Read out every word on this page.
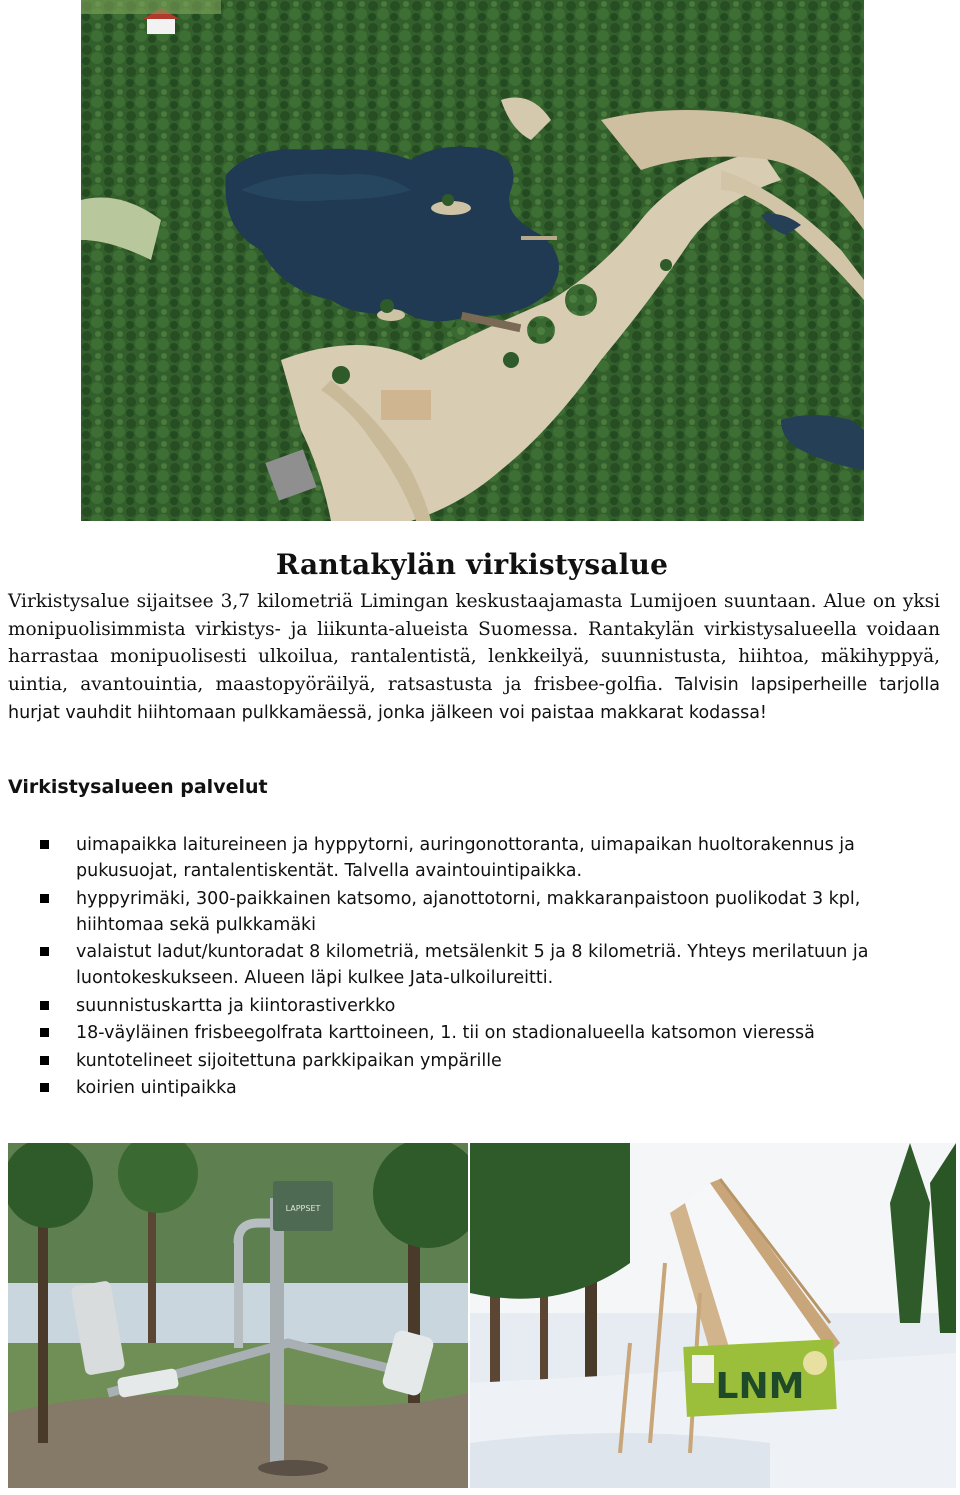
Rantakylän virkistysalue

Virkistysalue sijaitsee 3,7 kilometriä Limingan keskustaajamasta Lumijoen suuntaan. Alue on yksi monipuolisimmista virkistys- ja liikunta-alueista Suomessa. Rantakylän virkistysalueella voidaan harrastaa monipuolisesti ulkoilua, rantalentistä, lenkkeilyä, suunnistusta, hiihtoa, mäkihyppyä, uintia, avantouintia, maastopyöräilyä, ratsastusta ja frisbee-golfia. Talvisin lapsiperheille tarjolla hurjat vauhdit hiihtomaan pulkkamäessä, jonka jälkeen voi paistaa makkarat kodassa!

Virkistysalueen palvelut
uimapaikka laitureineen ja hyppytorni, auringonottoranta, uimapaikan huoltorakennus ja pukusuojat, rantalentiskentät. Talvella avaintouintipaikka.
hyppyrimäki, 300-paikkainen katsomo, ajanottotorni, makkaranpaistoon puolikodat 3 kpl, hiihtomaa sekä pulkkamäki
valaistut ladut/kuntoradat 8 kilometriä, metsälenkit 5 ja 8 kilometriä. Yhteys merilatuun ja luontokeskukseen. Alueen läpi kulkee Jata-ulkoilureitti.
suunnistuskartta ja kiintorastiverkko
18-väyläinen frisbeegolfrata karttoineen, 1. tii on stadionalueella katsomon vieressä
kuntotelineet sijoitettuna parkkipaikan ympärille
koirien uintipaikka
LAPPSET
LNM
